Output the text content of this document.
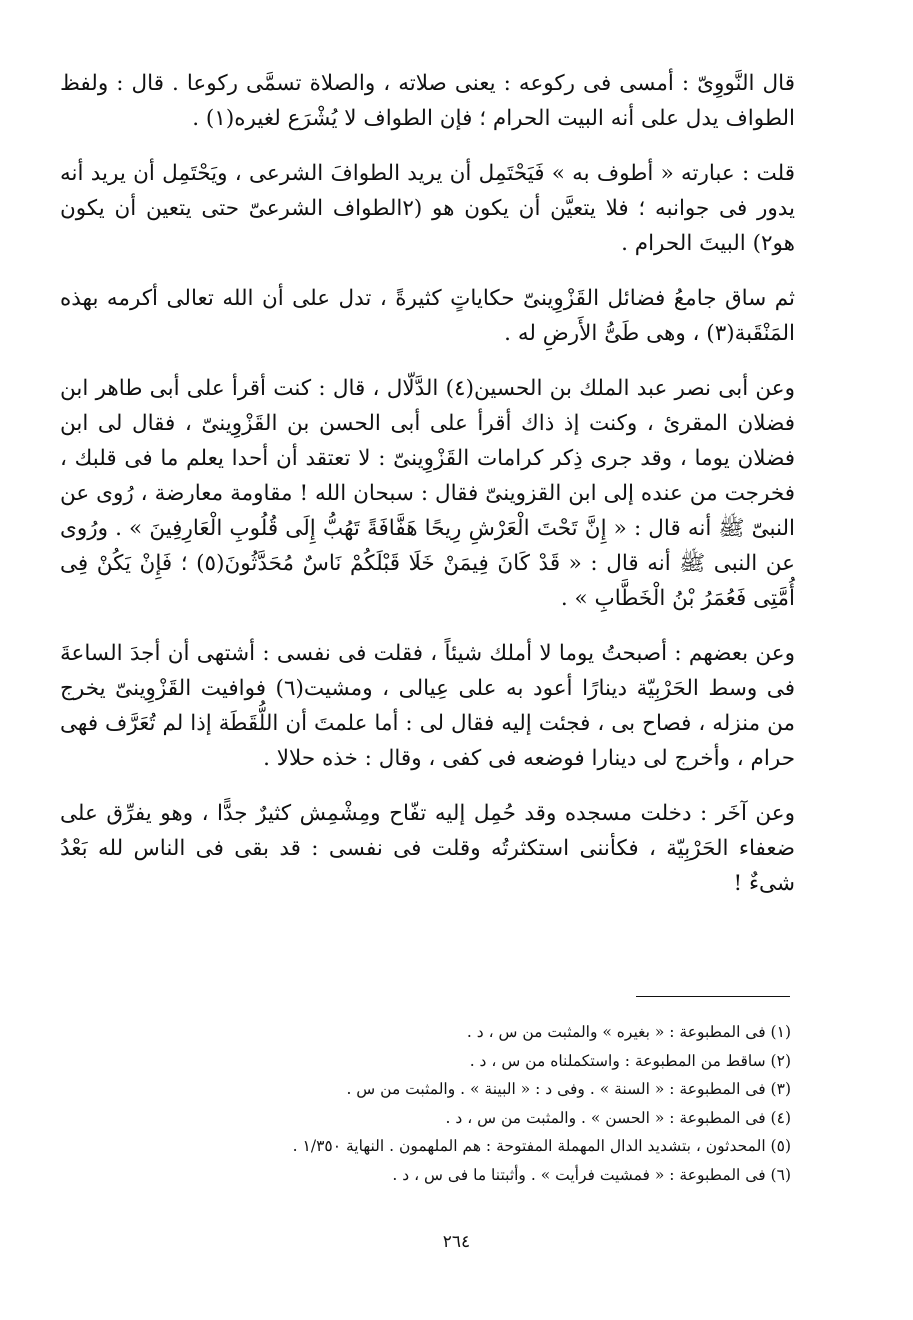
قال النَّووِىّ : أمسى فى ركوعه : يعنى صلاته ، والصلاة تسمَّى ركوعا . قال : ولفظ الطواف يدل على أنه البيت الحرام ؛ فإن الطواف لا يُشْرَع لغيره(١) .

قلت : عبارته « أطوف به » فَيَحْتَمِل أن يريد الطوافَ الشرعى ، ويَحْتَمِل أن يريد أنه يدور فى جوانبه ؛ فلا يتعيَّن أن يكون هو (٢الطواف الشرعىّ حتى يتعين أن يكون هو٢) البيتَ الحرام .

ثم ساق جامعُ فضائل القَزْوِينىّ حكاياتٍ كثيرةً ، تدل على أن الله تعالى أكرمه بهذه المَنْقَبة(٣) ، وهى طَىُّ الأَرضِ له .

وعن أبى نصر عبد الملك بن الحسين(٤) الدَّلّال ، قال : كنت أقرأ على أبى طاهر ابن فضلان المقرئ ، وكنت إذ ذاك أقرأ على أبى الحسن بن القَزْوِينىّ ، فقال لى ابن فضلان يوما ، وقد جرى ذِكر كرامات القَزْوِينىّ : لا تعتقد أن أحدا يعلم ما فى قلبك ، فخرجت من عنده إلى ابن القزوينىّ فقال : سبحان الله ! مقاومة معارضة ، رُوى عن النبىّ ﷺ أنه قال : « إِنَّ تَحْتَ الْعَرْشِ رِيحًا هَفَّافَةً تَهُبُّ إِلَى قُلُوبِ الْعَارِفِينَ » . ورُوى عن النبى ﷺ أنه قال : « قَدْ كَانَ فِيمَنْ خَلَا قَبْلَكُمْ نَاسٌ مُحَدَّثُونَ(٥) ؛ فَإِنْ يَكُنْ فِى أُمَّتِى فَعُمَرُ بْنُ الْخَطَّابِ » .

وعن بعضهم : أصبحتُ يوما لا أملك شيئاً ، فقلت فى نفسى : أشتهى أن أجدَ الساعةَ فى وسط الحَرْبِيّة دينارًا أعود به على عِيالى ، ومشيت(٦) فوافيت القَزْوِينىّ يخرج من منزله ، فصاح بى ، فجئت إليه فقال لى : أما علمتَ أن اللُّقَطَة إذا لم تُعَرَّف فهى حرام ، وأخرج لى دينارا فوضعه فى كفى ، وقال : خذه حلالا .

وعن آخَر : دخلت مسجده وقد حُمِل إليه تفّاح ومِشْمِش كثيرٌ جدًّا ، وهو يفرِّق على ضعفاء الحَرْبِيّة ، فكأننى استكثرتُه وقلت فى نفسى : قد بقى فى الناس لله بَعْدُ شىءٌ !

(١) فى المطبوعة : « بغيره » والمثبت من س ، د .
(٢) ساقط من المطبوعة : واستكملناه من س ، د .
(٣) فى المطبوعة : « السنة » . وفى د : « البينة » . والمثبت من س .
(٤) فى المطبوعة : « الحسن » . والمثبت من س ، د .
(٥) المحدثون ، بتشديد الدال المهملة المفتوحة : هم الملهمون . النهاية ١/٣٥٠ .
(٦) فى المطبوعة : « فمشيت فرأيت » . وأثبتنا ما فى س ، د .
٢٦٤
